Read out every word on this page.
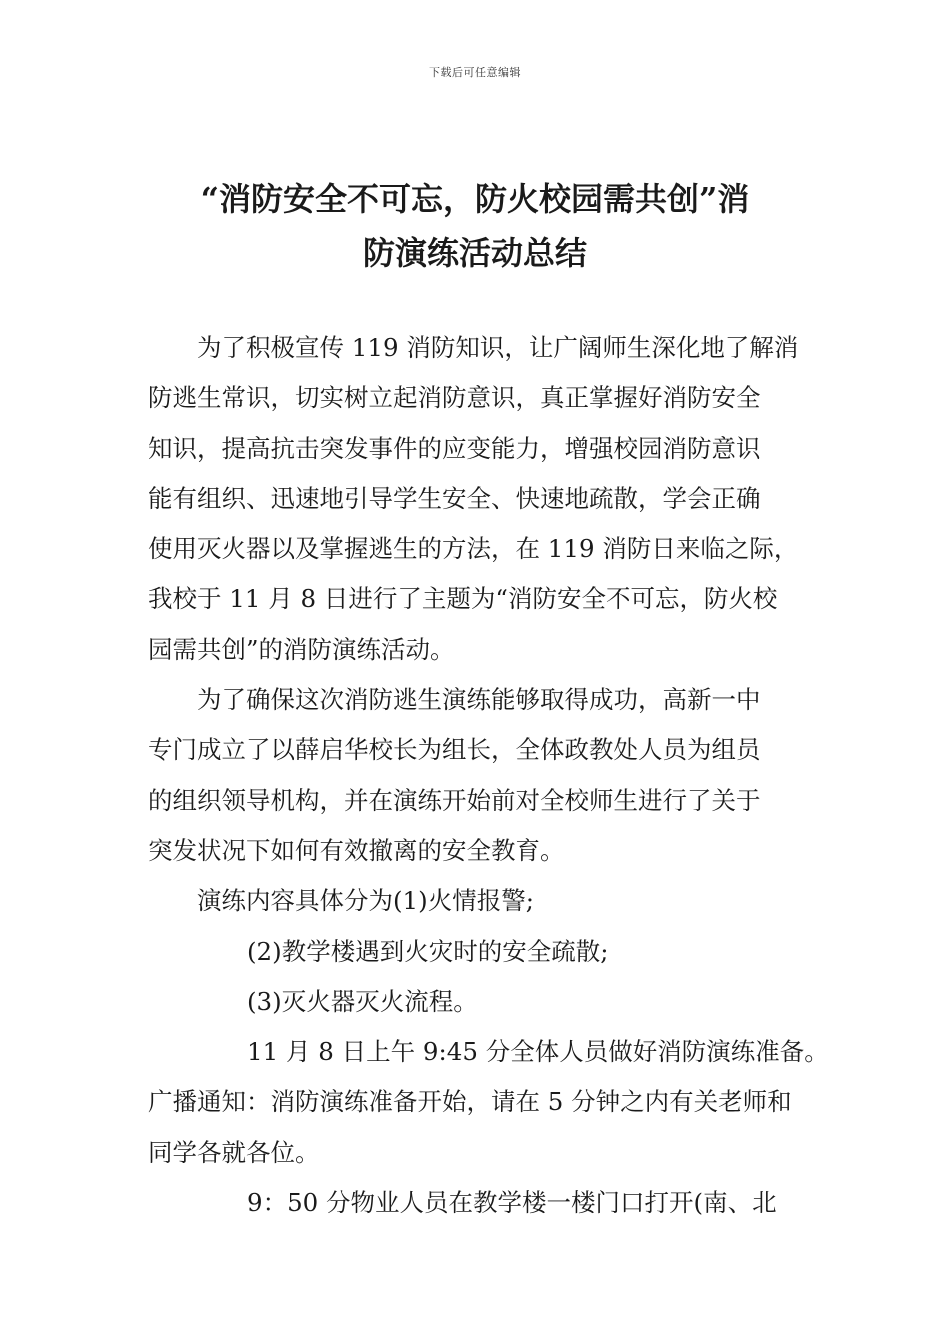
下载后可任意编辑
“消防安全不可忘，防火校园需共创”消
防演练活动总结

为了积极宣传 119 消防知识，让广阔师生深化地了解消

防逃生常识，切实树立起消防意识，真正掌握好消防安全

知识，提高抗击突发事件的应变能力，增强校园消防意识

能有组织、迅速地引导学生安全、快速地疏散，学会正确

使用灭火器以及掌握逃生的方法，在 119 消防日来临之际，

我校于 11 月 8 日进行了主题为“消防安全不可忘，防火校

园需共创”的消防演练活动。

为了确保这次消防逃生演练能够取得成功，高新一中

专门成立了以薛启华校长为组长，全体政教处人员为组员

的组织领导机构，并在演练开始前对全校师生进行了关于

突发状况下如何有效撤离的安全教育。

演练内容具体分为(1)火情报警;

(2)教学楼遇到火灾时的安全疏散;

(3)灭火器灭火流程。

11 月 8 日上午 9:45 分全体人员做好消防演练准备。

广播通知：消防演练准备开始，请在 5 分钟之内有关老师和

同学各就各位。

9：50 分物业人员在教学楼一楼门口打开(南、北
